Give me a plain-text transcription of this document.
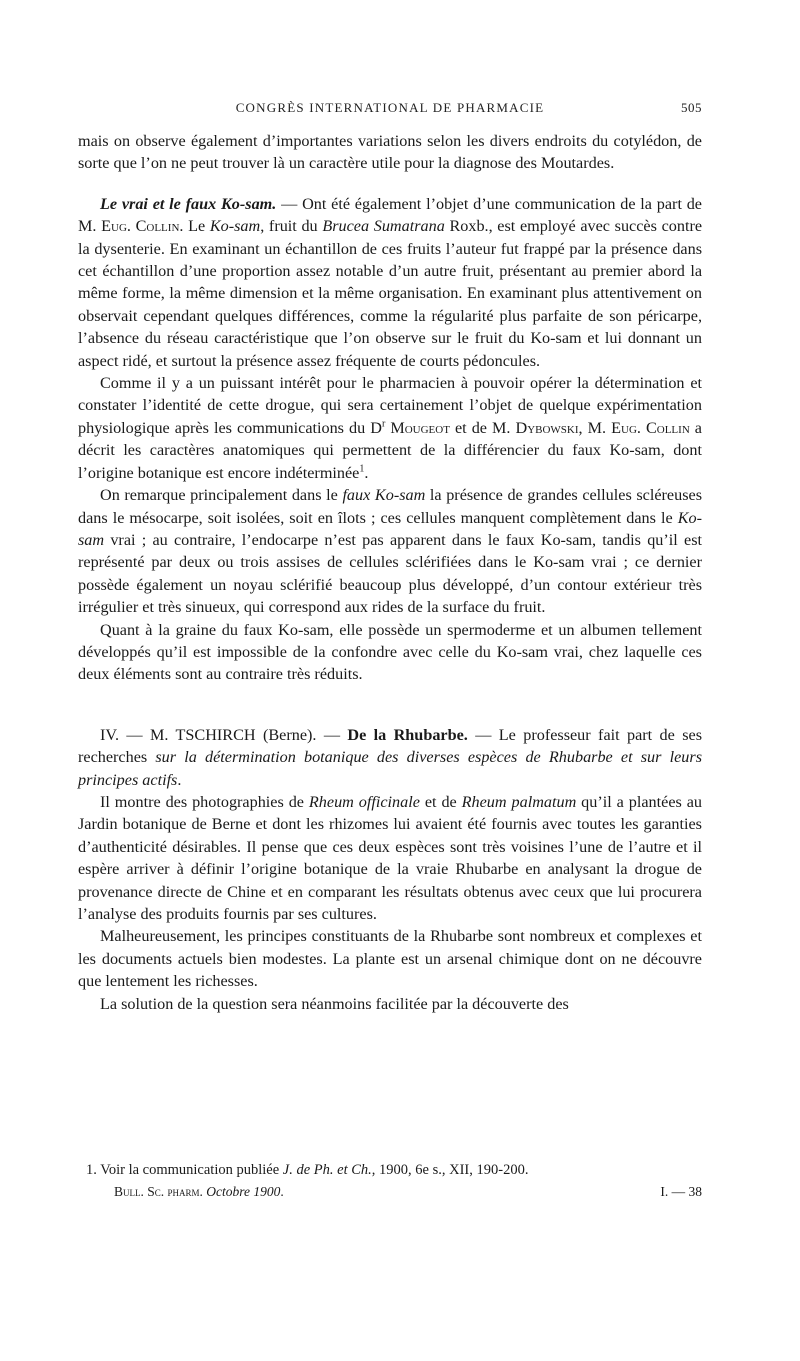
CONGRÈS INTERNATIONAL DE PHARMACIE	505

mais on observe également d’importantes variations selon les divers endroits du cotylédon, de sorte que l’on ne peut trouver là un caractère utile pour la diagnose des Moutardes.

Le vrai et le faux Ko-sam. — Ont été également l’objet d’une communication de la part de M. Eug. Collin. Le Ko-sam, fruit du Brucea Sumatrana Roxb., est employé avec succès contre la dysenterie. En examinant un échantillon de ces fruits l’auteur fut frappé par la présence dans cet échantillon d’une proportion assez notable d’un autre fruit, présentant au premier abord la même forme, la même dimension et la même organisation. En examinant plus attentivement on observait cependant quelques différences, comme la régularité plus parfaite de son péricarpe, l’absence du réseau caractéristique que l’on observe sur le fruit du Ko-sam et lui donnant un aspect ridé, et surtout la présence assez fréquente de courts pédoncules.

Comme il y a un puissant intérêt pour le pharmacien à pouvoir opérer la détermination et constater l’identité de cette drogue, qui sera certainement l’objet de quelque expérimentation physiologique après les communications du $D^r$ Mougeot et de M. Dybowski, M. Eug. Collin a décrit les caractères anatomiques qui permettent de la différencier du faux Ko-sam, dont l’origine botanique est encore indéterminée$^1$.

On remarque principalement dans le faux Ko-sam la présence de grandes cellules scléreuses dans le mésocarpe, soit isolées, soit en îlots ; ces cellules manquent complètement dans le Ko-sam vrai ; au contraire, l’endocarpe n’est pas apparent dans le faux Ko-sam, tandis qu’il est représenté par deux ou trois assises de cellules sclérifiées dans le Ko-sam vrai ; ce dernier possède également un noyau sclérifié beaucoup plus développé, d’un contour extérieur très irrégulier et très sinueux, qui correspond aux rides de la surface du fruit.

Quant à la graine du faux Ko-sam, elle possède un spermoderme et un albumen tellement développés qu’il est impossible de la confondre avec celle du Ko-sam vrai, chez laquelle ces deux éléments sont au contraire très réduits.

IV. — M. TSCHIRCH (Berne). — De la Rhubarbe. — Le professeur fait part de ses recherches sur la détermination botanique des diverses espèces de Rhubarbe et sur leurs principes actifs.

Il montre des photographies de Rheum officinale et de Rheum palmatum qu’il a plantées au Jardin botanique de Berne et dont les rhizomes lui avaient été fournis avec toutes les garanties d’authenticité désirables. Il pense que ces deux espèces sont très voisines l’une de l’autre et il espère arriver à définir l’origine botanique de la vraie Rhubarbe en analysant la drogue de provenance directe de Chine et en comparant les résultats obtenus avec ceux que lui procurera l’analyse des produits fournis par ses cultures.

Malheureusement, les principes constituants de la Rhubarbe sont nombreux et complexes et les documents actuels bien modestes. La plante est un arsenal chimique dont on ne découvre que lentement les richesses.

La solution de la question sera néanmoins facilitée par la découverte des

1. Voir la communication publiée J. de Ph. et Ch., 1900, 6e s., XII, 190-200.

Bull. Sc. pharm. Octobre 1900.	I. — 38
